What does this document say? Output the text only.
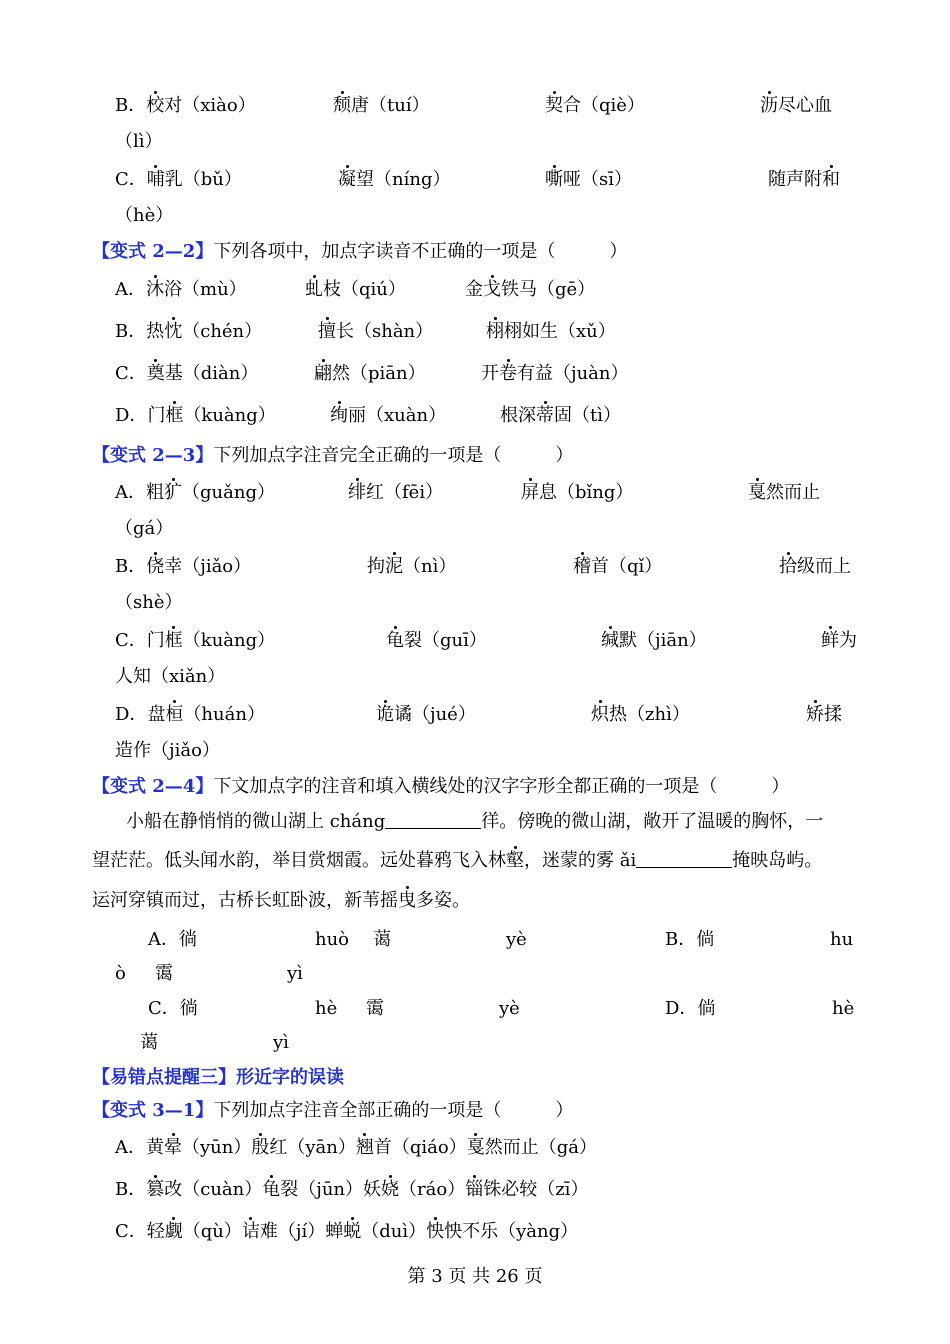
B．校对（xiào）	颓唐（tuí）	契合（qiè）	沥尽心血
（lì）
C．哺乳（bǔ）	凝望（níng）	嘶哑（sī）	随声附和
（hè）
【变式 2—2】下列各项中，加点字读音不正确的一项是（　　　）
A．沐浴（mù）	虬枝（qiú）	金戈铁马（gē）
B．热忱（chén）	擅长（shàn）	栩栩如生（xǔ）
C．奠基（diàn）	翩然（piān）	开卷有益（juàn）
D．门框（kuàng）	绚丽（xuàn）	根深蒂固（tì）
【变式 2—3】下列加点字注音完全正确的一项是（　　　）
A．粗犷（guǎng）	绯红（fēi）	屏息（bǐng）	戛然而止
（gá）
B．侥幸（jiǎo）	拘泥（nì）	稽首（qǐ）	拾级而上
（shè）
C．门框（kuàng）	龟裂（guī）	缄默（jiān）	鲜为
人知（xiǎn）
D．盘桓（huán）	诡谲（jué）	炽热（zhì）	矫揉
造作（jiǎo）
【变式 2—4】下文加点字的注音和填入横线处的汉字字形全都正确的一项是（　　　）
小船在静悄悄的微山湖上 cháng	徉。傍晚的微山湖，敞开了温暖的胸怀，一
望茫茫。低头闻水韵，举目赏烟霞。远处暮鸦飞入林壑，迷蒙的雾 ǎi	掩映岛屿。
运河穿镇而过，古桥长虹卧波，新苇摇曳多姿。
A．徜	huò 蔼	yè	B．倘	hu
ò 霭	yì
C．徜	hè 霭	yè	D．倘	hè
蔼	yì
【易错点提醒三】形近字的误读
【变式 3—1】下列加点字注音全部正确的一项是（　　　）
A．黄晕（yūn）殷红（yān）翘首（qiáo）戛然而止（gá）
B．篡改（cuàn）龟裂（jūn）妖娆（ráo）锱铢必较（zī）
C．轻觑（qù）诘难（jí）蝉蜕（duì）怏怏不乐（yàng）
第 3 页 共 26 页
